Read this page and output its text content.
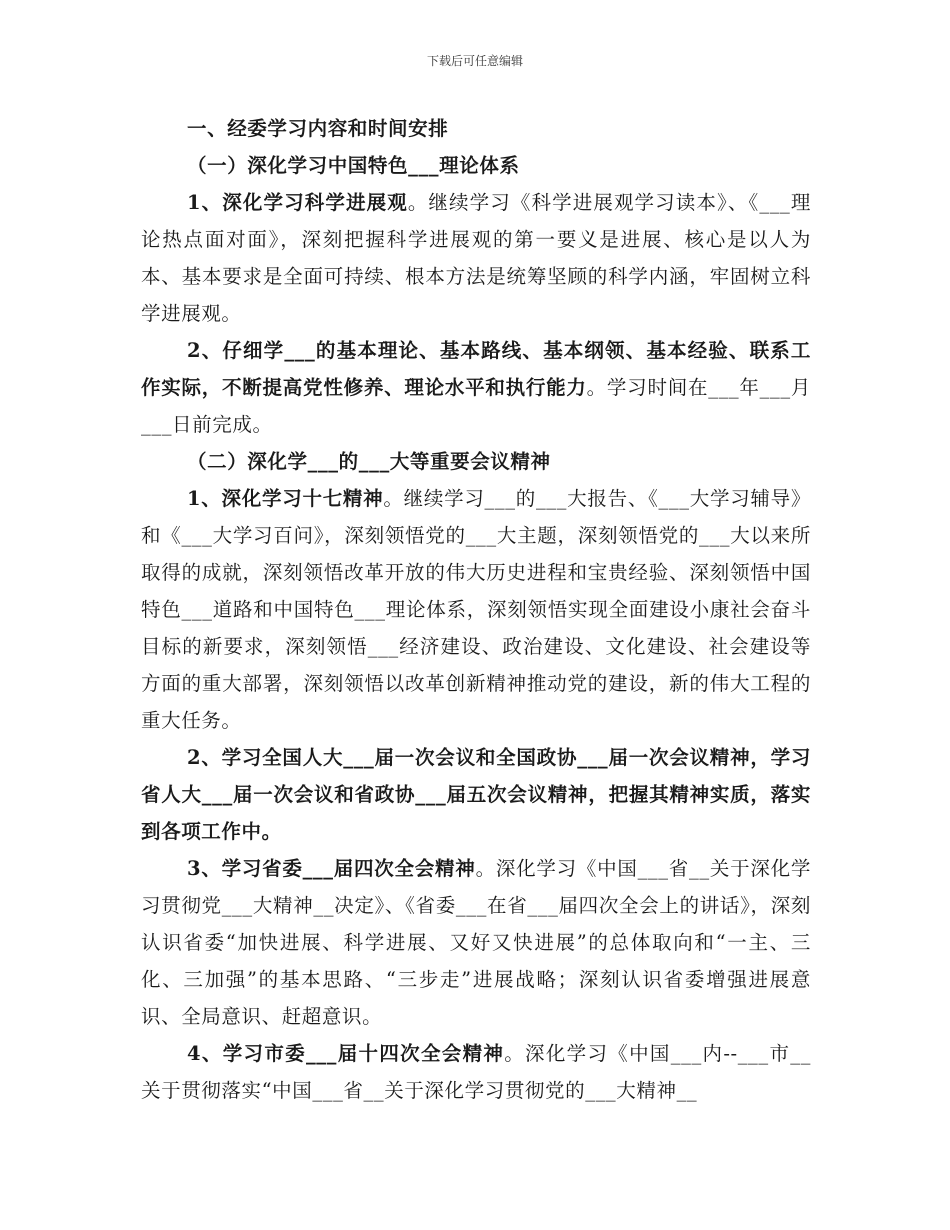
下载后可任意编辑

一、经委学习内容和时间安排

（一）深化学习中国特色___理论体系

1、深化学习科学进展观。继续学习《科学进展观学习读本》、《___理论热点面对面》，深刻把握科学进展观的第一要义是进展、核心是以人为本、基本要求是全面可持续、根本方法是统筹坚顾的科学内涵，牢固树立科学进展观。

2、仔细学___的基本理论、基本路线、基本纲领、基本经验、联系工作实际，不断提高党性修养、理论水平和执行能力。学习时间在___年___月___日前完成。

（二）深化学___的___大等重要会议精神

1、深化学习十七精神。继续学习___的___大报告、《___大学习辅导》和《___大学习百问》，深刻领悟党的___大主题，深刻领悟党的___大以来所取得的成就，深刻领悟改革开放的伟大历史进程和宝贵经验、深刻领悟中国特色___道路和中国特色___理论体系，深刻领悟实现全面建设小康社会奋斗目标的新要求，深刻领悟___经济建设、政治建设、文化建设、社会建设等方面的重大部署，深刻领悟以改革创新精神推动党的建设，新的伟大工程的重大任务。

2、学习全国人大___届一次会议和全国政协___届一次会议精神，学习省人大___届一次会议和省政协___届五次会议精神，把握其精神实质，落实到各项工作中。

3、学习省委___届四次全会精神。深化学习《中国___省__关于深化学习贯彻党___大精神__决定》、《省委___在省___届四次全会上的讲话》，深刻认识省委“加快进展、科学进展、又好又快进展”的总体取向和“一主、三化、三加强”的基本思路、“三步走”进展战略；深刻认识省委增强进展意识、全局意识、赶超意识。

4、学习市委___届十四次全会精神。深化学习《中国___内--___市__关于贯彻落实“中国___省__关于深化学习贯彻党的___大精神__
